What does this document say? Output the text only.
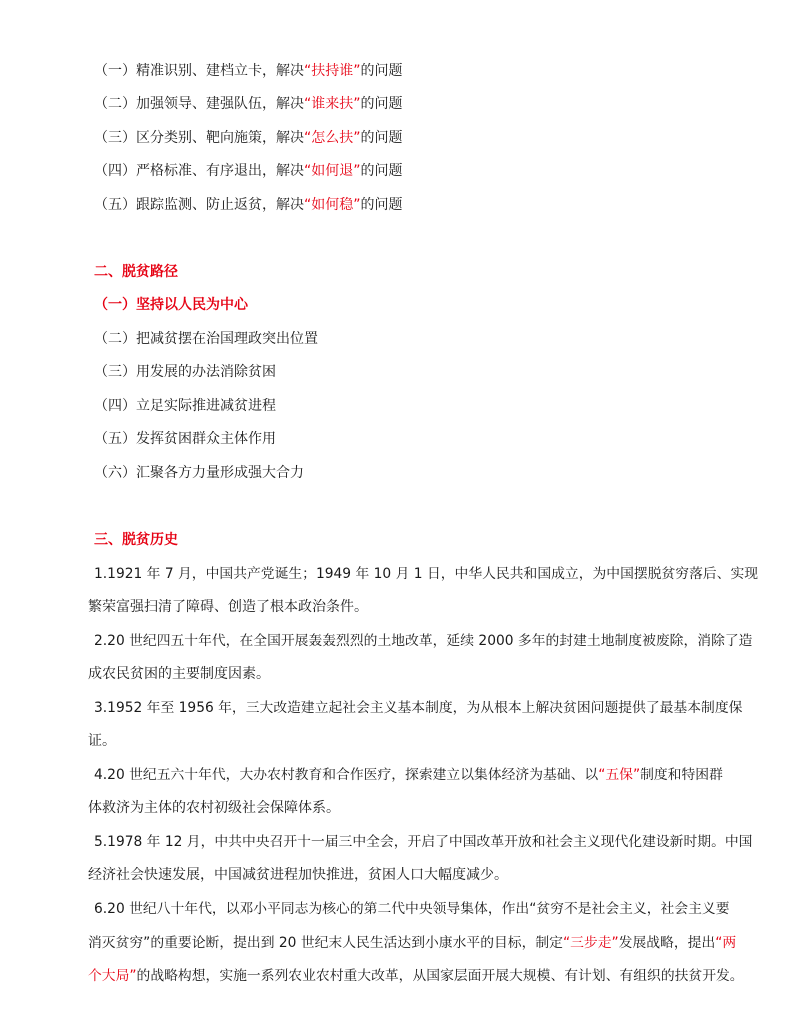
（一）精准识别、建档立卡，解决“扶持谁”的问题
（二）加强领导、建强队伍，解决“谁来扶”的问题
（三）区分类别、靶向施策，解决“怎么扶”的问题
（四）严格标准、有序退出，解决“如何退”的问题
（五）跟踪监测、防止返贫，解决“如何稳”的问题
二、脱贫路径
（一）坚持以人民为中心
（二）把减贫摆在治国理政突出位置
（三）用发展的办法消除贫困
（四）立足实际推进减贫进程
（五）发挥贫困群众主体作用
（六）汇聚各方力量形成强大合力
三、脱贫历史
1.1921 年 7 月，中国共产党诞生；1949 年 10 月 1 日，中华人民共和国成立，为中国摆脱贫穷落后、实现
繁荣富强扫清了障碍、创造了根本政治条件。
2.20 世纪四五十年代，在全国开展轰轰烈烈的土地改革，延续 2000 多年的封建土地制度被废除，消除了造
成农民贫困的主要制度因素。
3.1952 年至 1956 年，三大改造建立起社会主义基本制度，为从根本上解决贫困问题提供了最基本制度保
证。
4.20 世纪五六十年代，大办农村教育和合作医疗，探索建立以集体经济为基础、以“五保”制度和特困群
体救济为主体的农村初级社会保障体系。
5.1978 年 12 月，中共中央召开十一届三中全会，开启了中国改革开放和社会主义现代化建设新时期。中国
经济社会快速发展，中国减贫进程加快推进，贫困人口大幅度减少。
6.20 世纪八十年代，以邓小平同志为核心的第二代中央领导集体，作出“贫穷不是社会主义，社会主义要
消灭贫穷”的重要论断，提出到 20 世纪末人民生活达到小康水平的目标，制定“三步走”发展战略，提出“两
个大局”的战略构想，实施一系列农业农村重大改革，从国家层面开展大规模、有计划、有组织的扶贫开发。
